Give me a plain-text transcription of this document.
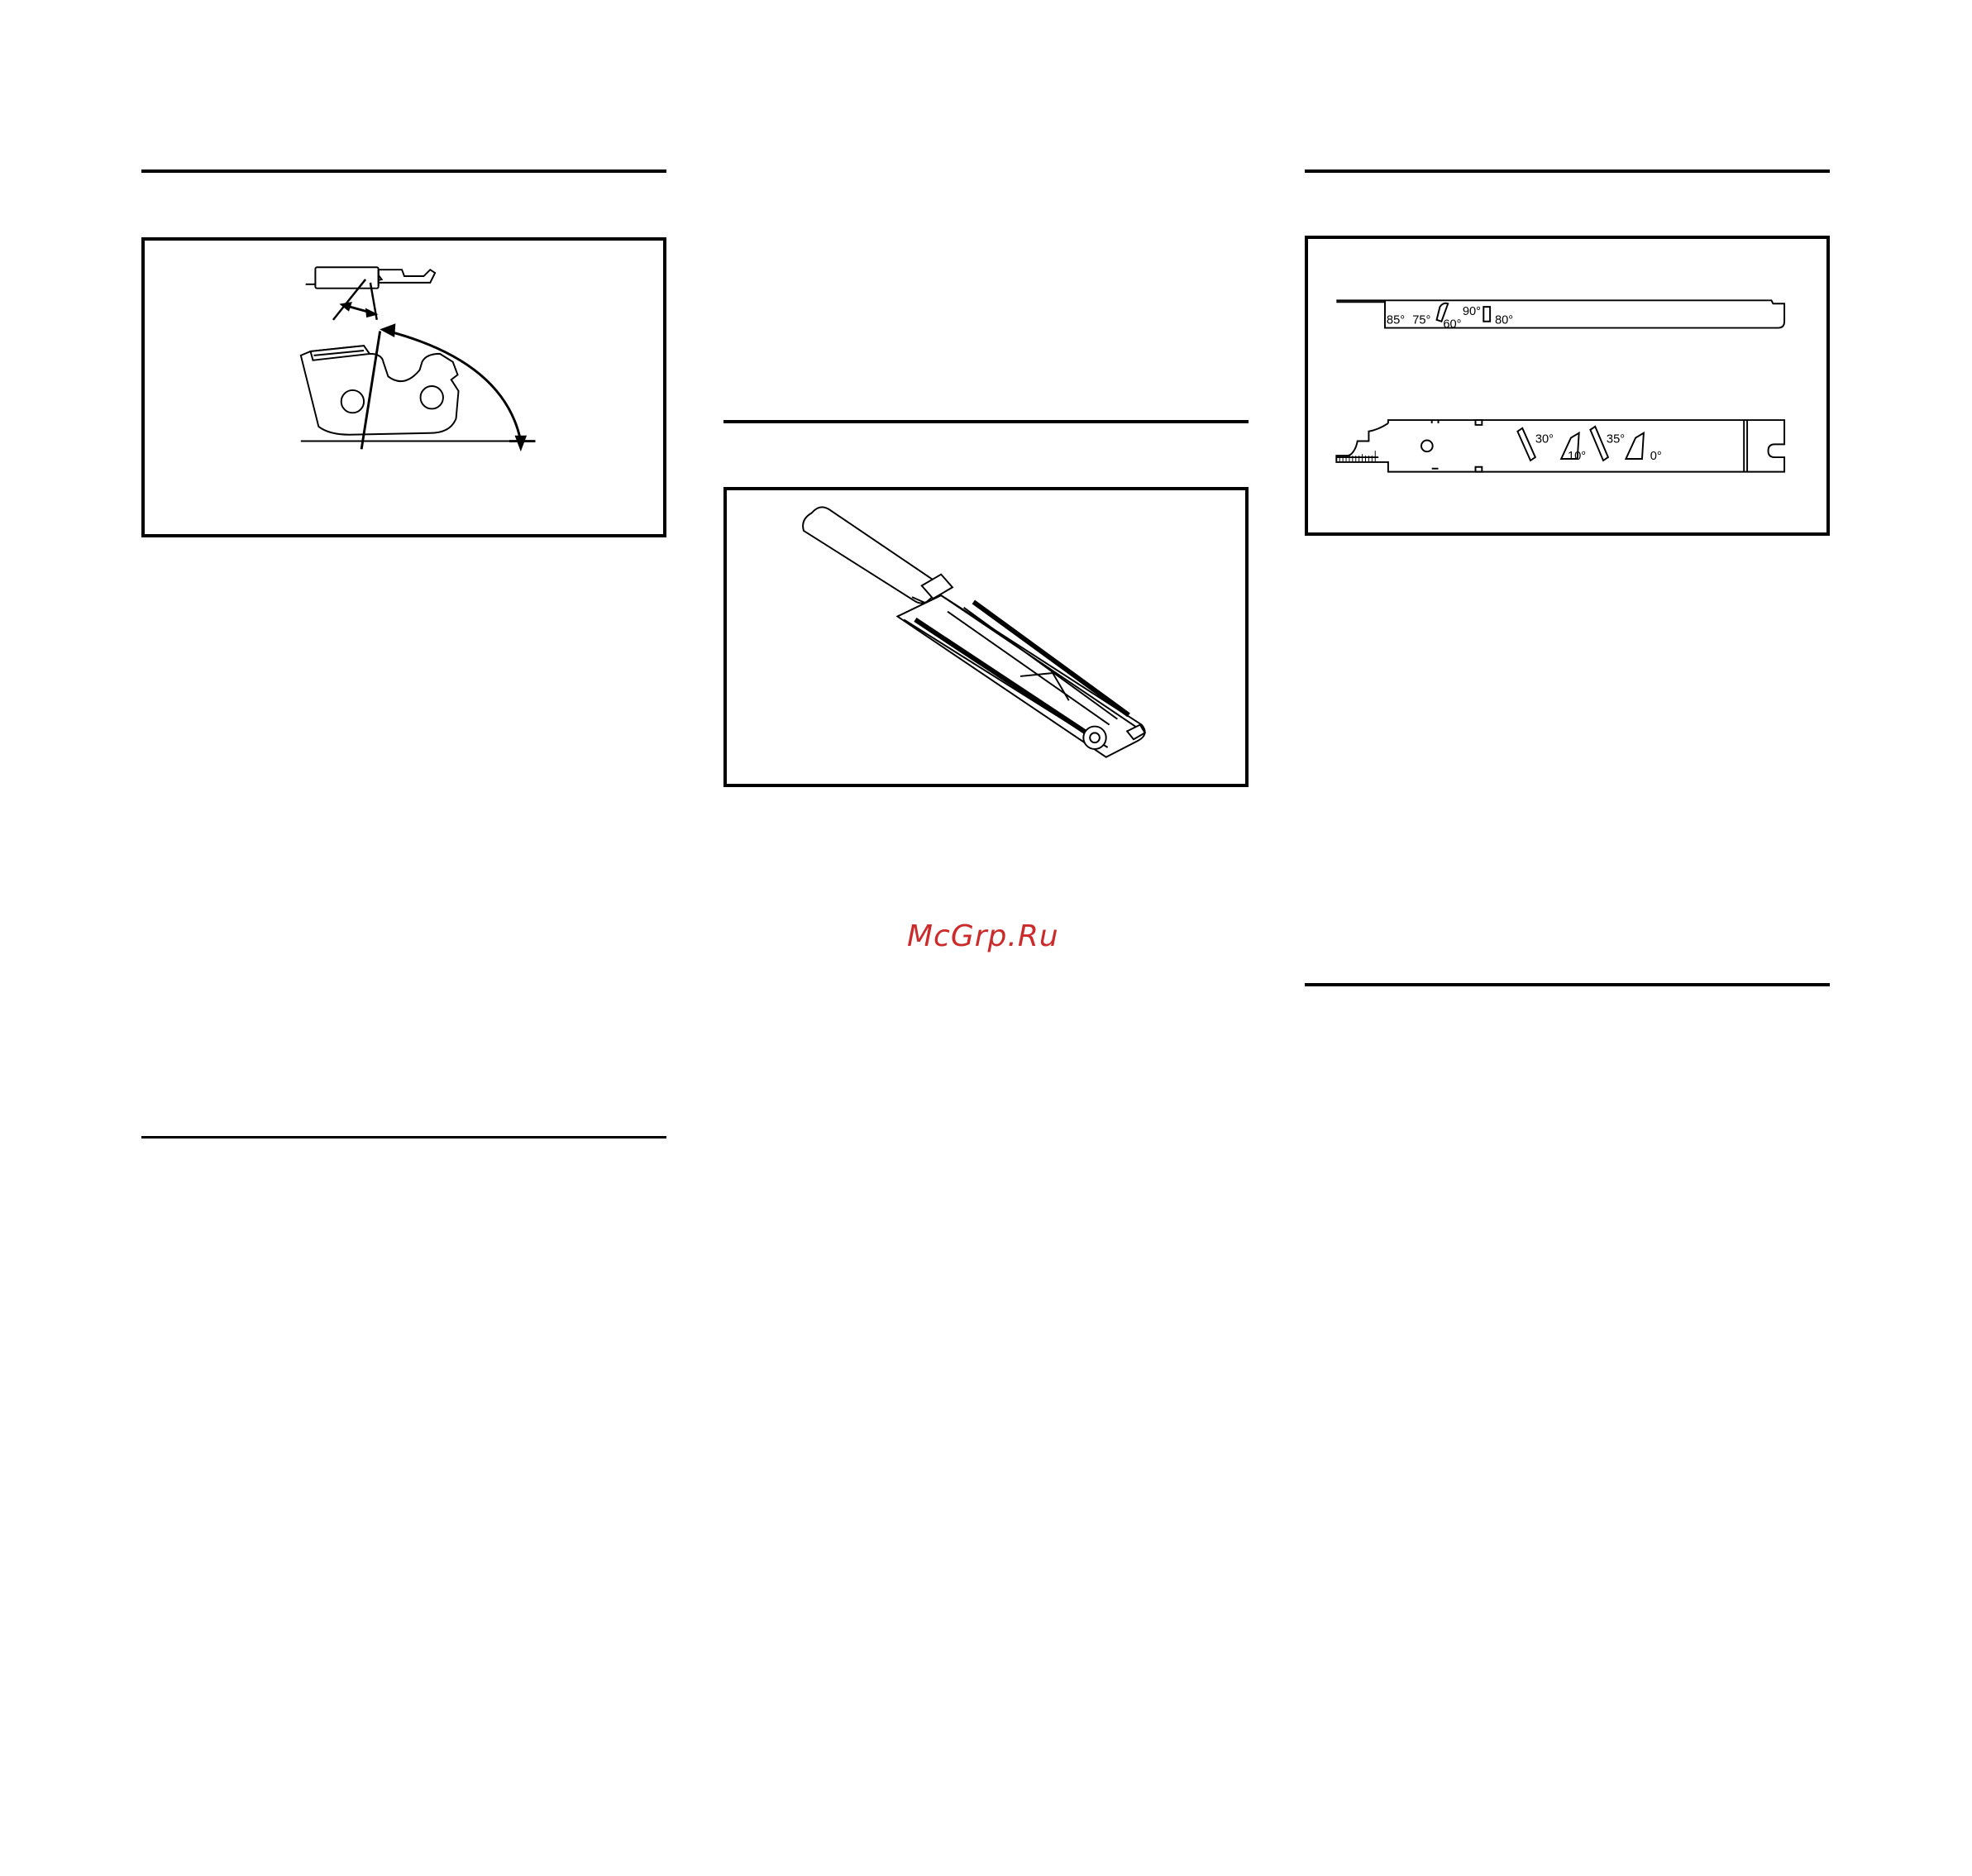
85° 75° 60°
90°
80°
30°
10°
35°
0°
McGrp.Ru
